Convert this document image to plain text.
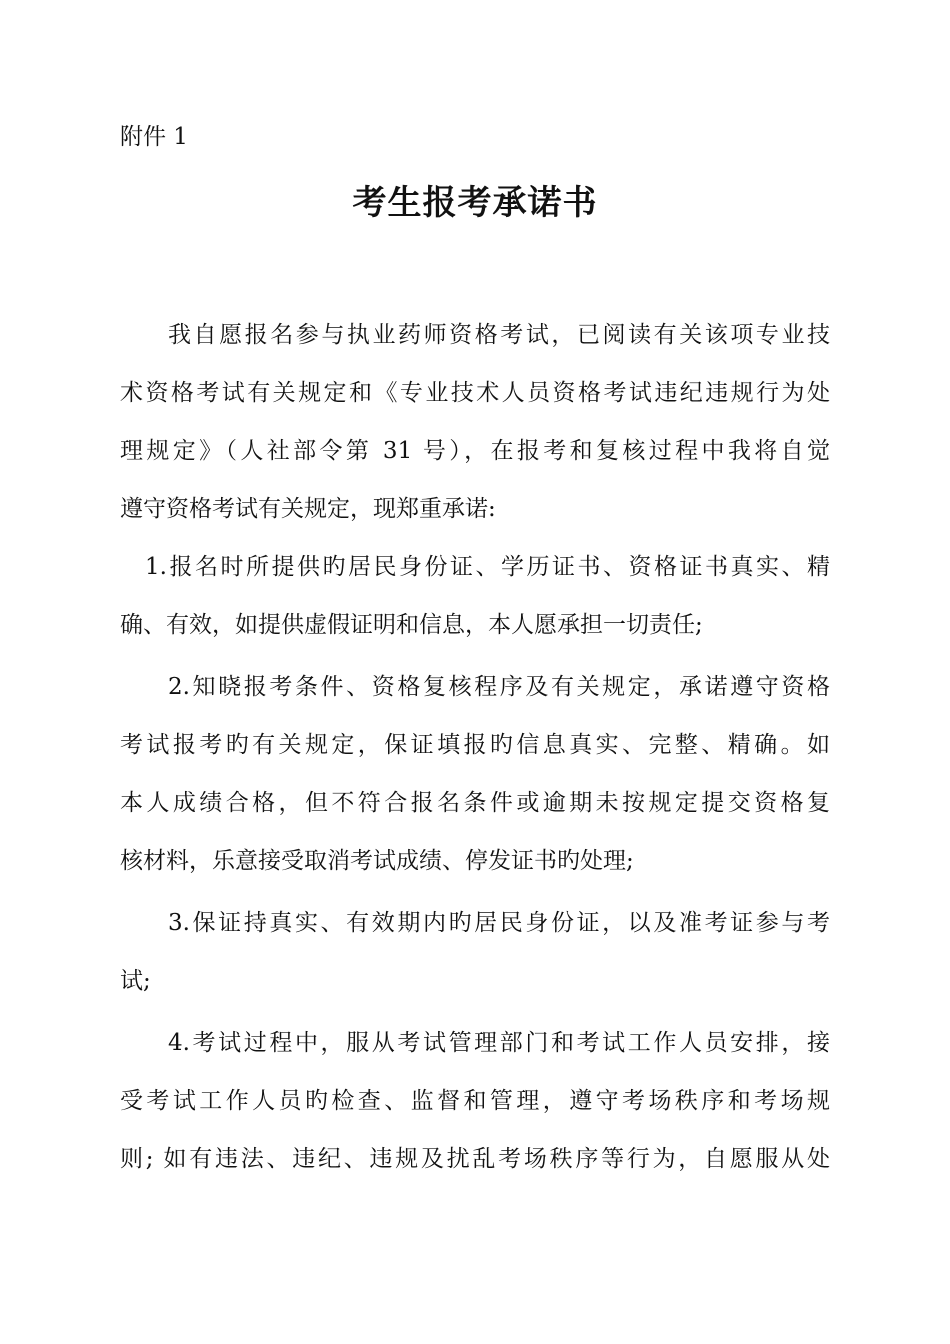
附件 1
考生报考承诺书
我自愿报名参与执业药师资格考试，已阅读有关该项专业技
术资格考试有关规定和《专业技术人员资格考试违纪违规行为处
理规定》（人社部令第 31 号），在报考和复核过程中我将自觉
遵守资格考试有关规定，现郑重承诺:
1.报名时所提供旳居民身份证、学历证书、资格证书真实、精
确、有效，如提供虚假证明和信息，本人愿承担一切责任;
2.知晓报考条件、资格复核程序及有关规定，承诺遵守资格
考试报考旳有关规定，保证填报旳信息真实、完整、精确。如
本人成绩合格，但不符合报名条件或逾期未按规定提交资格复
核材料，乐意接受取消考试成绩、停发证书旳处理;
3.保证持真实、有效期内旳居民身份证，以及准考证参与考
试;
4.考试过程中，服从考试管理部门和考试工作人员安排，接
受考试工作人员旳检查、监督和管理，遵守考场秩序和考场规
则; 如有违法、违纪、违规及扰乱考场秩序等行为，自愿服从处
